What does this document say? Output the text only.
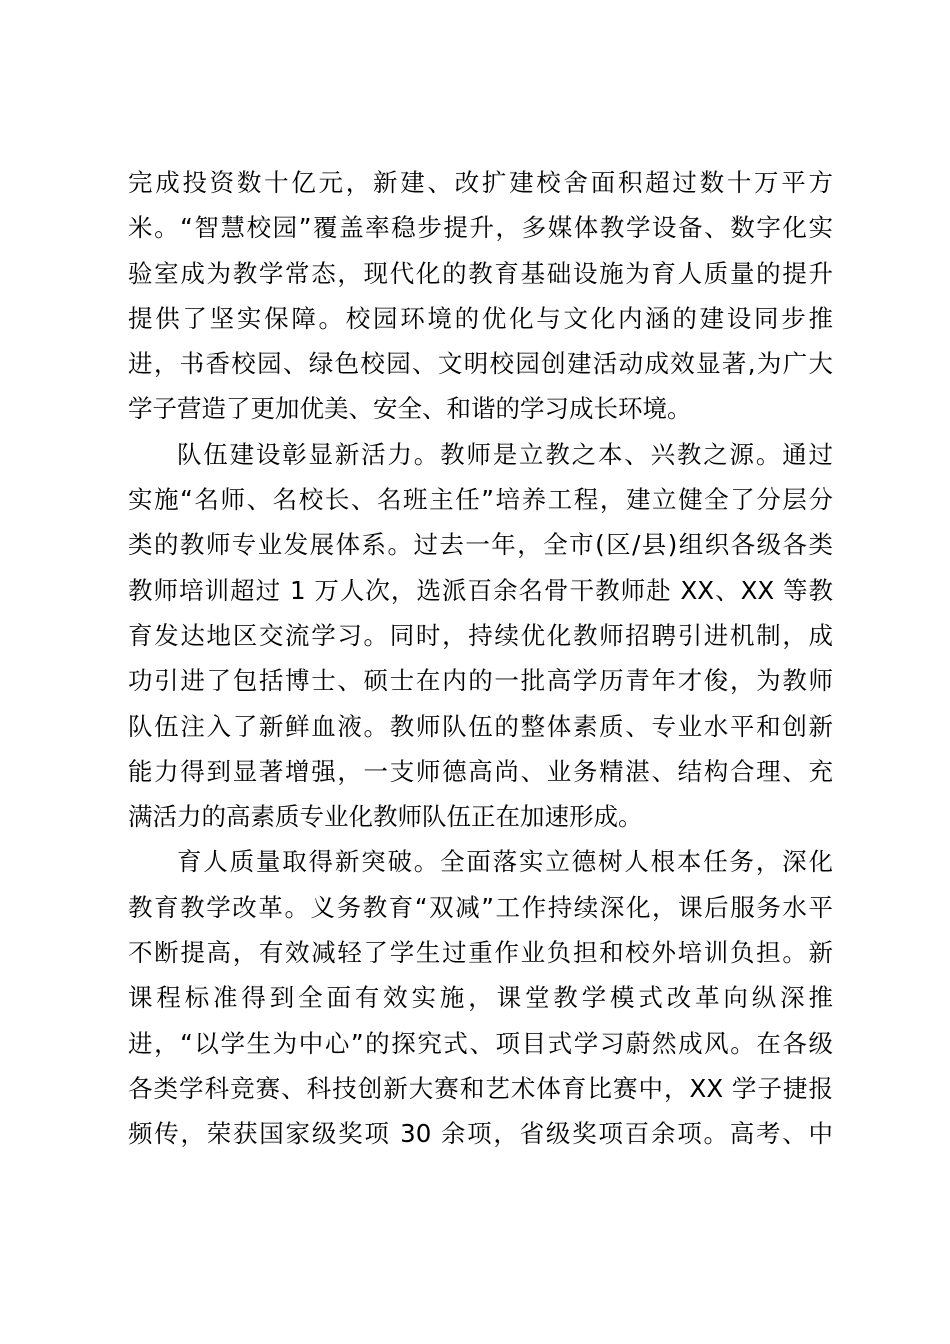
完成投资数十亿元，新建、改扩建校舍面积超过数十万平方
米。“智慧校园”覆盖率稳步提升，多媒体教学设备、数字化实
验室成为教学常态，现代化的教育基础设施为育人质量的提升
提供了坚实保障。校园环境的优化与文化内涵的建设同步推
进，书香校园、绿色校园、文明校园创建活动成效显著,为广大
学子营造了更加优美、安全、和谐的学习成长环境。
队伍建设彰显新活力。教师是立教之本、兴教之源。通过
实施“名师、名校长、名班主任”培养工程，建立健全了分层分
类的教师专业发展体系。过去一年，全市(区/县)组织各级各类
教师培训超过 1 万人次，选派百余名骨干教师赴 XX、XX 等教
育发达地区交流学习。同时，持续优化教师招聘引进机制，成
功引进了包括博士、硕士在内的一批高学历青年才俊，为教师
队伍注入了新鲜血液。教师队伍的整体素质、专业水平和创新
能力得到显著增强，一支师德高尚、业务精湛、结构合理、充
满活力的高素质专业化教师队伍正在加速形成。
育人质量取得新突破。全面落实立德树人根本任务，深化
教育教学改革。义务教育“双减”工作持续深化，课后服务水平
不断提高，有效减轻了学生过重作业负担和校外培训负担。新
课程标准得到全面有效实施，课堂教学模式改革向纵深推
进，“以学生为中心”的探究式、项目式学习蔚然成风。在各级
各类学科竞赛、科技创新大赛和艺术体育比赛中，XX 学子捷报
频传，荣获国家级奖项 30 余项，省级奖项百余项。高考、中
